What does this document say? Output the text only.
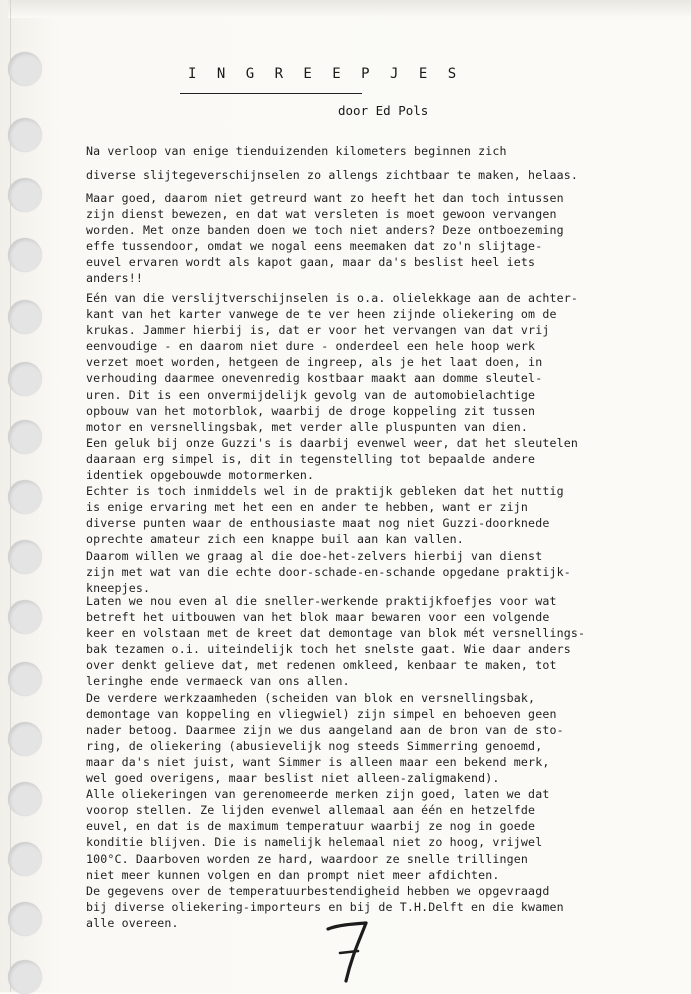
I N G R E E P J E S
door Ed Pols
Na verloop van enige tienduizenden kilometers beginnen zich
diverse slijtegeverschijnselen zo allengs zichtbaar te maken, helaas.
Maar goed, daarom niet getreurd want zo heeft het dan toch intussen
zijn dienst bewezen, en dat wat versleten is moet gewoon vervangen
worden. Met onze banden doen we toch niet anders? Deze ontboezeming
effe tussendoor, omdat we nogal eens meemaken dat zo'n slijtage-
euvel ervaren wordt als kapot gaan, maar da's beslist heel iets
anders!!
Eén van die verslijtverschijnselen is o.a. olielekkage aan de achter-
kant van het karter vanwege de te ver heen zijnde oliekering om de
krukas. Jammer hierbij is, dat er voor het vervangen van dat vrij
eenvoudige - en daarom niet dure - onderdeel een hele hoop werk
verzet moet worden, hetgeen de ingreep, als je het laat doen, in
verhouding daarmee onevenredig kostbaar maakt aan domme sleutel-
uren. Dit is een onvermijdelijk gevolg van de automobielachtige
opbouw van het motorblok, waarbij de droge koppeling zit tussen
motor en versnellingsbak, met verder alle pluspunten van dien.
Een geluk bij onze Guzzi's is daarbij evenwel weer, dat het sleutelen
daaraan erg simpel is, dit in tegenstelling tot bepaalde andere
identiek opgebouwde motormerken.
Echter is toch inmiddels wel in de praktijk gebleken dat het nuttig
is enige ervaring met het een en ander te hebben, want er zijn
diverse punten waar de enthousiaste maat nog niet Guzzi-doorknede
oprechte amateur zich een knappe buil aan kan vallen.
Daarom willen we graag al die doe-het-zelvers hierbij van dienst
zijn met wat van die echte door-schade-en-schande opgedane praktijk-
kneepjes.
Laten we nou even al die sneller-werkende praktijkfoefjes voor wat
betreft het uitbouwen van het blok maar bewaren voor een volgende
keer en volstaan met de kreet dat demontage van blok mét versnellings-
bak tezamen o.i. uiteindelijk toch het snelste gaat. Wie daar anders
over denkt gelieve dat, met redenen omkleed, kenbaar te maken, tot
leringhe ende vermaeck van ons allen.
De verdere werkzaamheden (scheiden van blok en versnellingsbak,
demontage van koppeling en vliegwiel) zijn simpel en behoeven geen
nader betoog. Daarmee zijn we dus aangeland aan de bron van de sto-
ring, de oliekering (abusievelijk nog steeds Simmerring genoemd,
maar da's niet juist, want Simmer is alleen maar een bekend merk,
wel goed overigens, maar beslist niet alleen-zaligmakend).
Alle oliekeringen van gerenomeerde merken zijn goed, laten we dat
voorop stellen. Ze lijden evenwel allemaal aan één en hetzelfde
euvel, en dat is de maximum temperatuur waarbij ze nog in goede
konditie blijven. Die is namelijk helemaal niet zo hoog, vrijwel
100°C. Daarboven worden ze hard, waardoor ze snelle trillingen
niet meer kunnen volgen en dan prompt niet meer afdichten.
De gegevens over de temperatuurbestendigheid hebben we opgevraagd
bij diverse oliekering-importeurs en bij de T.H.Delft en die kwamen
alle overeen.
